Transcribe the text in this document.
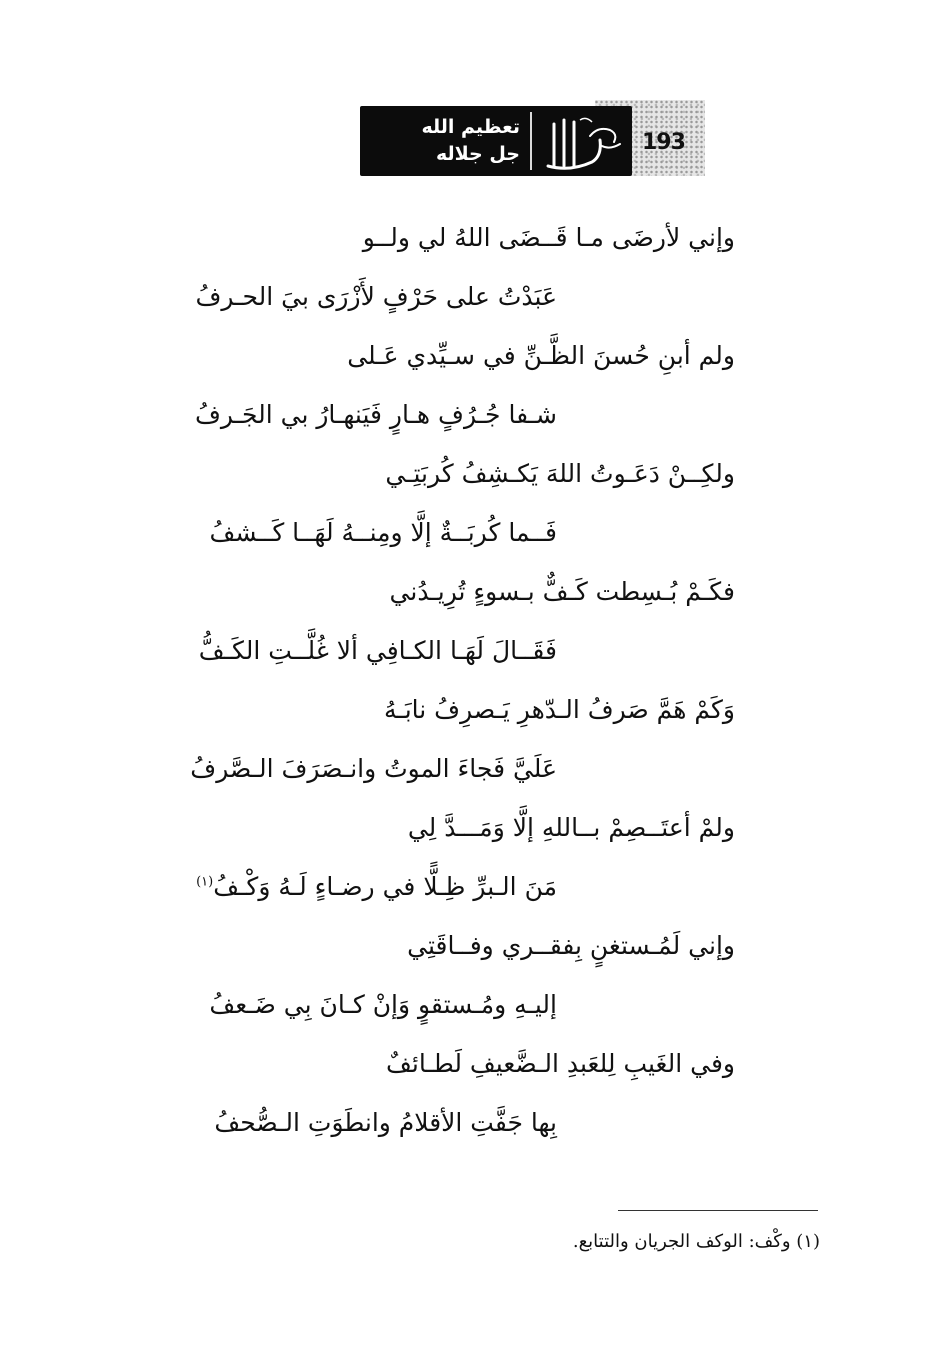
تعظيم الله
جل جلاله	193
وإني لأرضَى مـا قَــضَى اللهُ لي ولــو
عَبَدْتُ على حَرْفٍ لأَزْرَى بيَ الحـرفُ
ولم أبنِ حُسنَ الظَّـنِّ في سـيِّدي عَـلى
شـفا جُـرُفٍ هـارٍ فَيَنهـارُ بي الجَـرفُ
ولكِــنْ دَعَـوتُ اللهَ يَكـشِفُ كُربَتِـي
فَــما كُربَــةٌ إلَّا ومِنــهُ لَهَــا كَــشفُ
فكَـمْ بُـسِطت كَـفٌّ بـسوءٍ تُرِيـدُني
فَقَــالَ لَهَـا الكـافِي ألا غُلَّــتِ الكَـفُّ
وَكَمْ هَمَّ صَرفُ الـدّهرِ يَـصرِفُ نابَـهُ
عَلَيَّ فَجاءَ الموتُ وانـصَرَفَ الـصَّرفُ
ولمْ أعتَــصِمْ بــاللهِ إلَّا وَمَـــدَّ لِي
مَنَ الـبرِّ ظِـلًّا في رضـاءٍ لَـهُ وَكْـفُ$^{(١)}$
وإني لَمُـستغنٍ بِفقــري وفــاقَتِي
إليـهِ ومُـستقوٍ وَإنْ كـانَ بِي ضَـعفُ
وفي الغَيبِ لِلعَبدِ الـضَّعيفِ لَطـائفٌ
بِها جَفَّتِ الأقلامُ وانطَوَتِ الـصُّحفُ
(١) وكْف: الوكف الجريان والتتابع.
